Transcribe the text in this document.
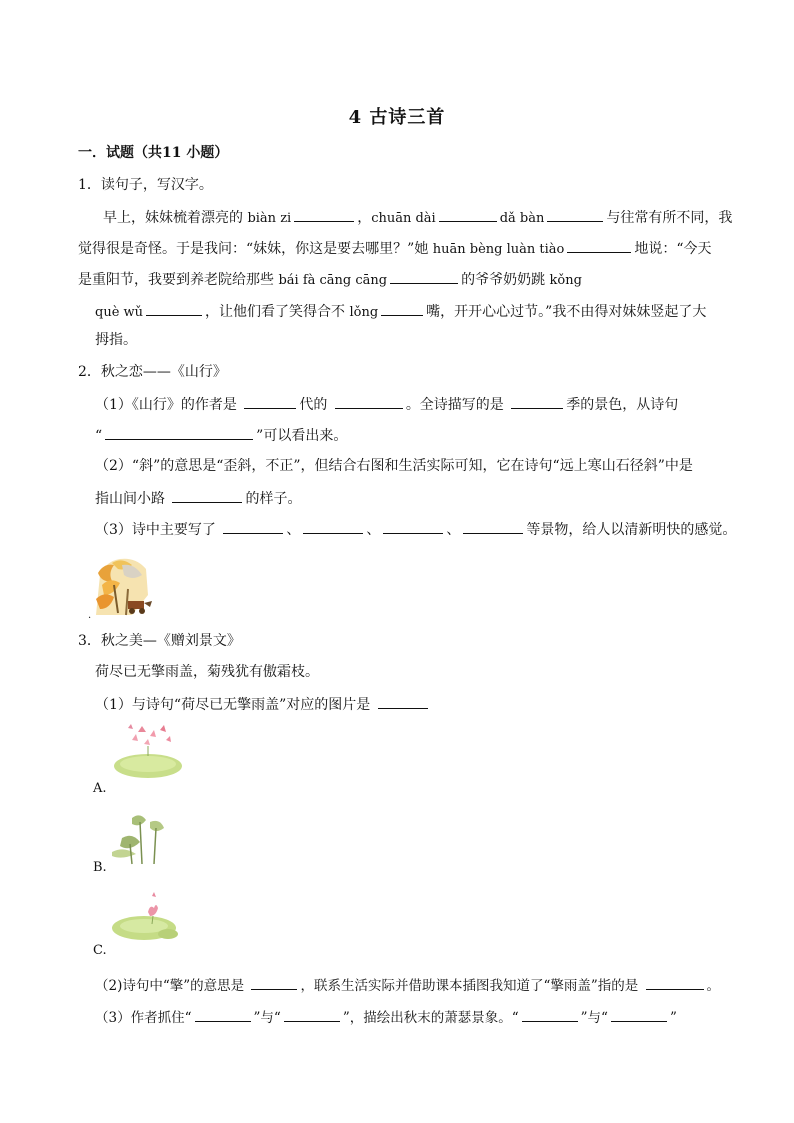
4 古诗三首
一．试题（共11 小题）
1．读句子，写汉字。
早上，妹妹梳着漂亮的 biàn zi	，chuān dài	dǎ bàn	与往常有所不同，我
觉得很是奇怪。于是我问：“妹妹，你这是要去哪里？”她 huān bèng luàn tiào	地说：“今天
是重阳节，我要到养老院给那些 bái fà cāng cāng	的爷爷奶奶跳 kǒng
què wǔ	，让他们看了笑得合不 lǒng	嘴，开开心心过节。”我不由得对妹妹竖起了大
拇指。
2．秋之恋——《山行》
（1）《山行》的作者是	代的	。全诗描写的是	季的景色，从诗句
“	”可以看出来。
（2）“斜”的意思是“歪斜，不正”，但结合右图和生活实际可知，它在诗句“远上寒山石径斜”中是
指山间小路	的样子。
（3）诗中主要写了	、	、	、	等景物，给人以清新明快的感觉。
.
3．秋之美—《赠刘景文》
荷尽已无擎雨盖，菊残犹有傲霜枝。
（1）与诗句“荷尽已无擎雨盖”对应的图片是
A.
B.
C.
（2)诗句中“擎”的意思是	，联系生活实际并借助课本插图我知道了“擎雨盖”指的是	。
（3）作者抓住“	”与“	”，描绘出秋末的萧瑟景象。“	”与“	”
